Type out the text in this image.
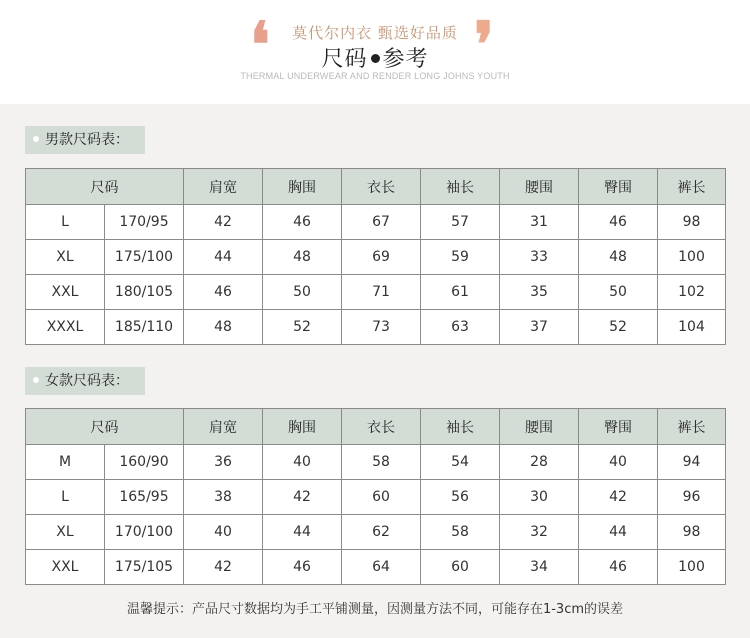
❛	❜
莫代尔内衣 甄选好品质
尺码 参考
THERMAL UNDERWEAR AND RENDER LONG JOHNS YOUTH
男款尺码表：
尺码		肩宽	胸围	衣长	袖长	腰围	臀围	裤长
L	170/95	42	46	67	57	31	46	98
XL	175/100	44	48	69	59	33	48	100
XXL	180/105	46	50	71	61	35	50	102
XXXL	185/110	48	52	73	63	37	52	104
女款尺码表：
尺码		肩宽	胸围	衣长	袖长	腰围	臀围	裤长
M	160/90	36	40	58	54	28	40	94
L	165/95	38	42	60	56	30	42	96
XL	170/100	40	44	62	58	32	44	98
XXL	175/105	42	46	64	60	34	46	100
温馨提示：产品尺寸数据均为手工平铺测量，因测量方法不同，可能存在1-3cm的误差
